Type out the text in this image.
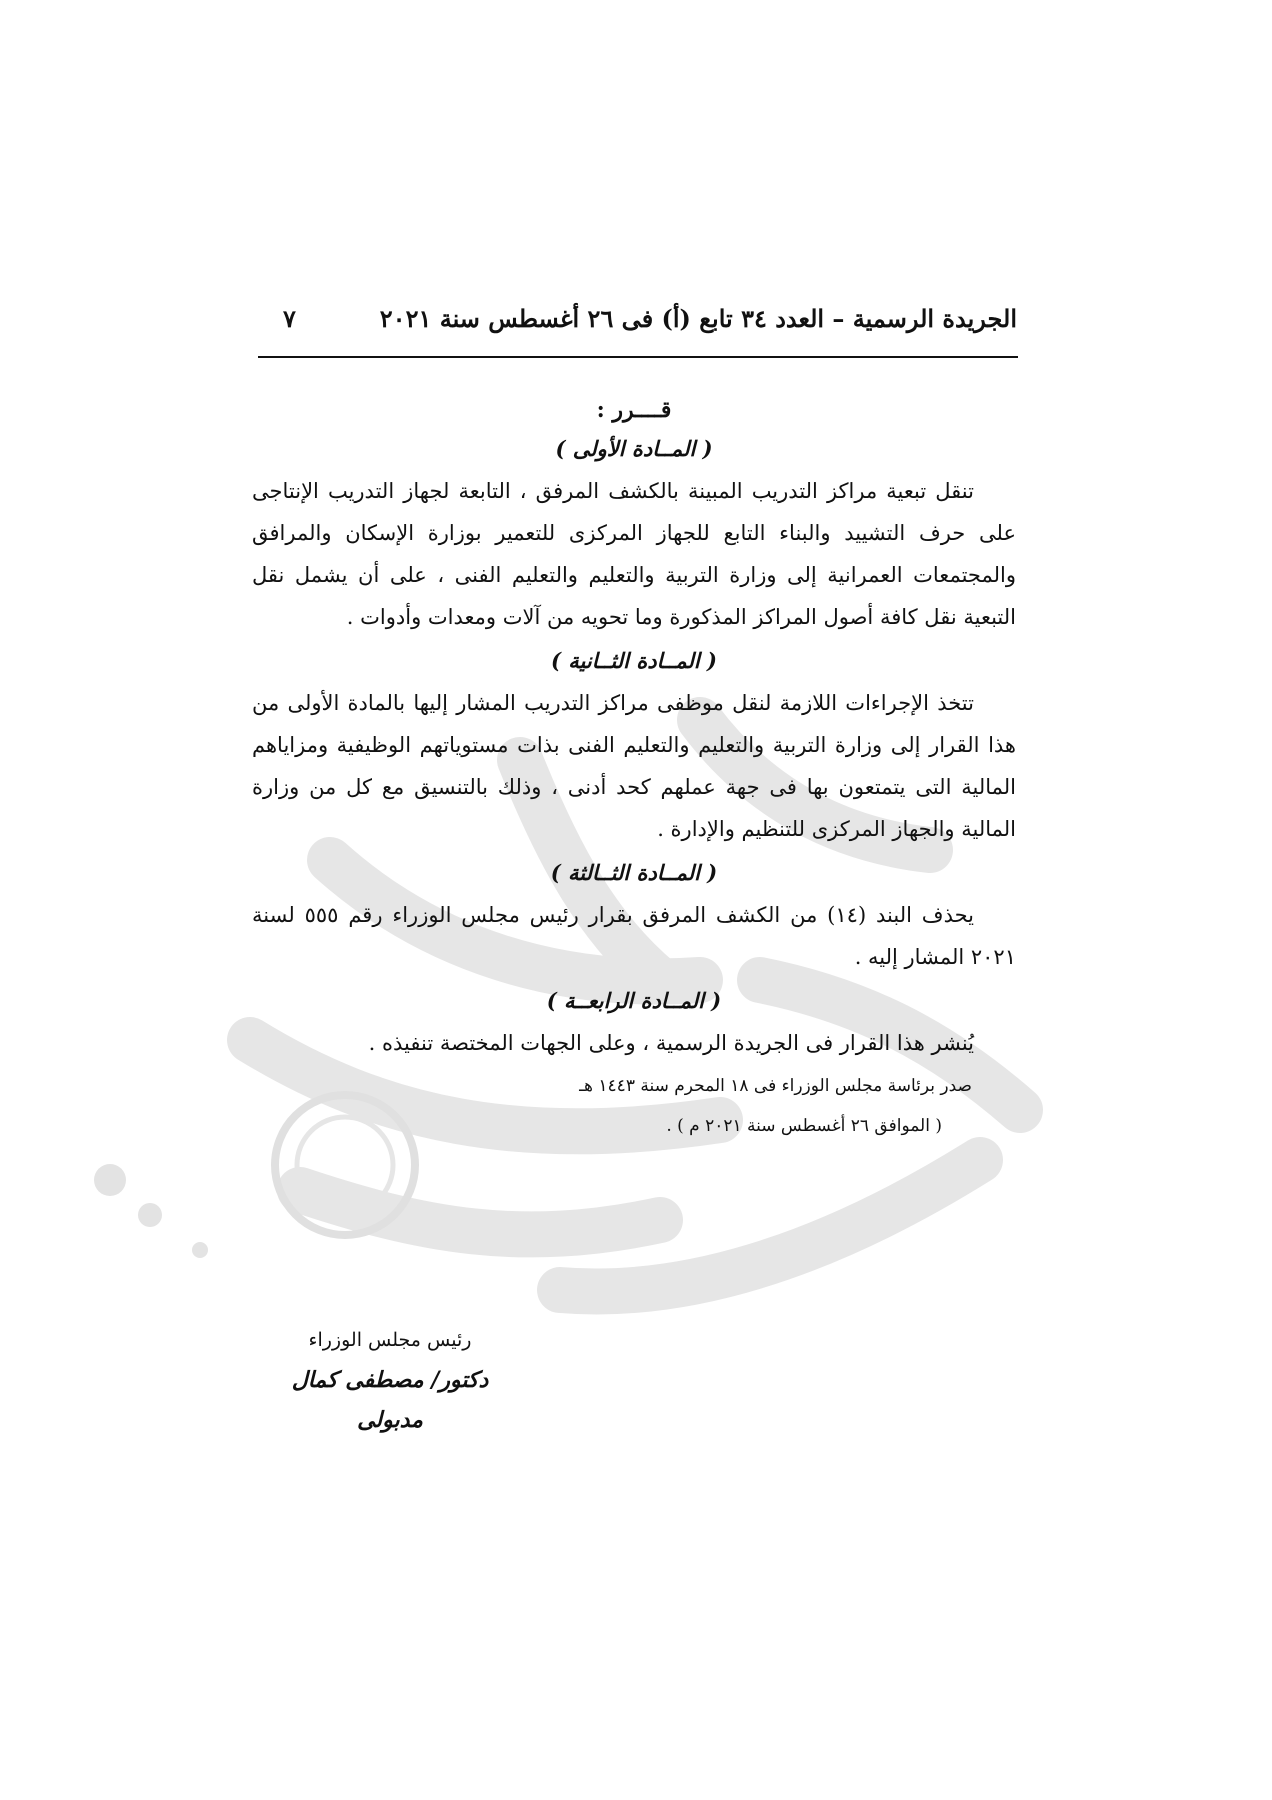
الجريدة الرسمية – العدد ٣٤ تابع (أ) فى ٢٦ أغسطس سنة ٢٠٢١
٧

قــــرر :

( المــادة الأولى )

تنقل تبعية مراكز التدريب المبينة بالكشف المرفق ، التابعة لجهاز التدريب الإنتاجى على حرف التشييد والبناء التابع للجهاز المركزى للتعمير بوزارة الإسكان والمرافق والمجتمعات العمرانية إلى وزارة التربية والتعليم والتعليم الفنى ، على أن يشمل نقل التبعية نقل كافة أصول المراكز المذكورة وما تحويه من آلات ومعدات وأدوات .

( المــادة الثــانية )

تتخذ الإجراءات اللازمة لنقل موظفى مراكز التدريب المشار إليها بالمادة الأولى من هذا القرار إلى وزارة التربية والتعليم والتعليم الفنى بذات مستوياتهم الوظيفية ومزاياهم المالية التى يتمتعون بها فى جهة عملهم كحد أدنى ، وذلك بالتنسيق مع كل من وزارة المالية والجهاز المركزى للتنظيم والإدارة .

( المــادة الثــالثة )

يحذف البند (١٤) من الكشف المرفق بقرار رئيس مجلس الوزراء رقم ٥٥٥ لسنة ٢٠٢١ المشار إليه .

( المــادة الرابعــة )

يُنشر هذا القرار فى الجريدة الرسمية ، وعلى الجهات المختصة تنفيذه .

صدر برئاسة مجلس الوزراء فى ١٨ المحرم سنة ١٤٤٣ هـ

( الموافق ٢٦ أغسطس سنة ٢٠٢١ م ) .

رئيس مجلس الوزراء

دكتور/ مصطفى كمال مدبولى
